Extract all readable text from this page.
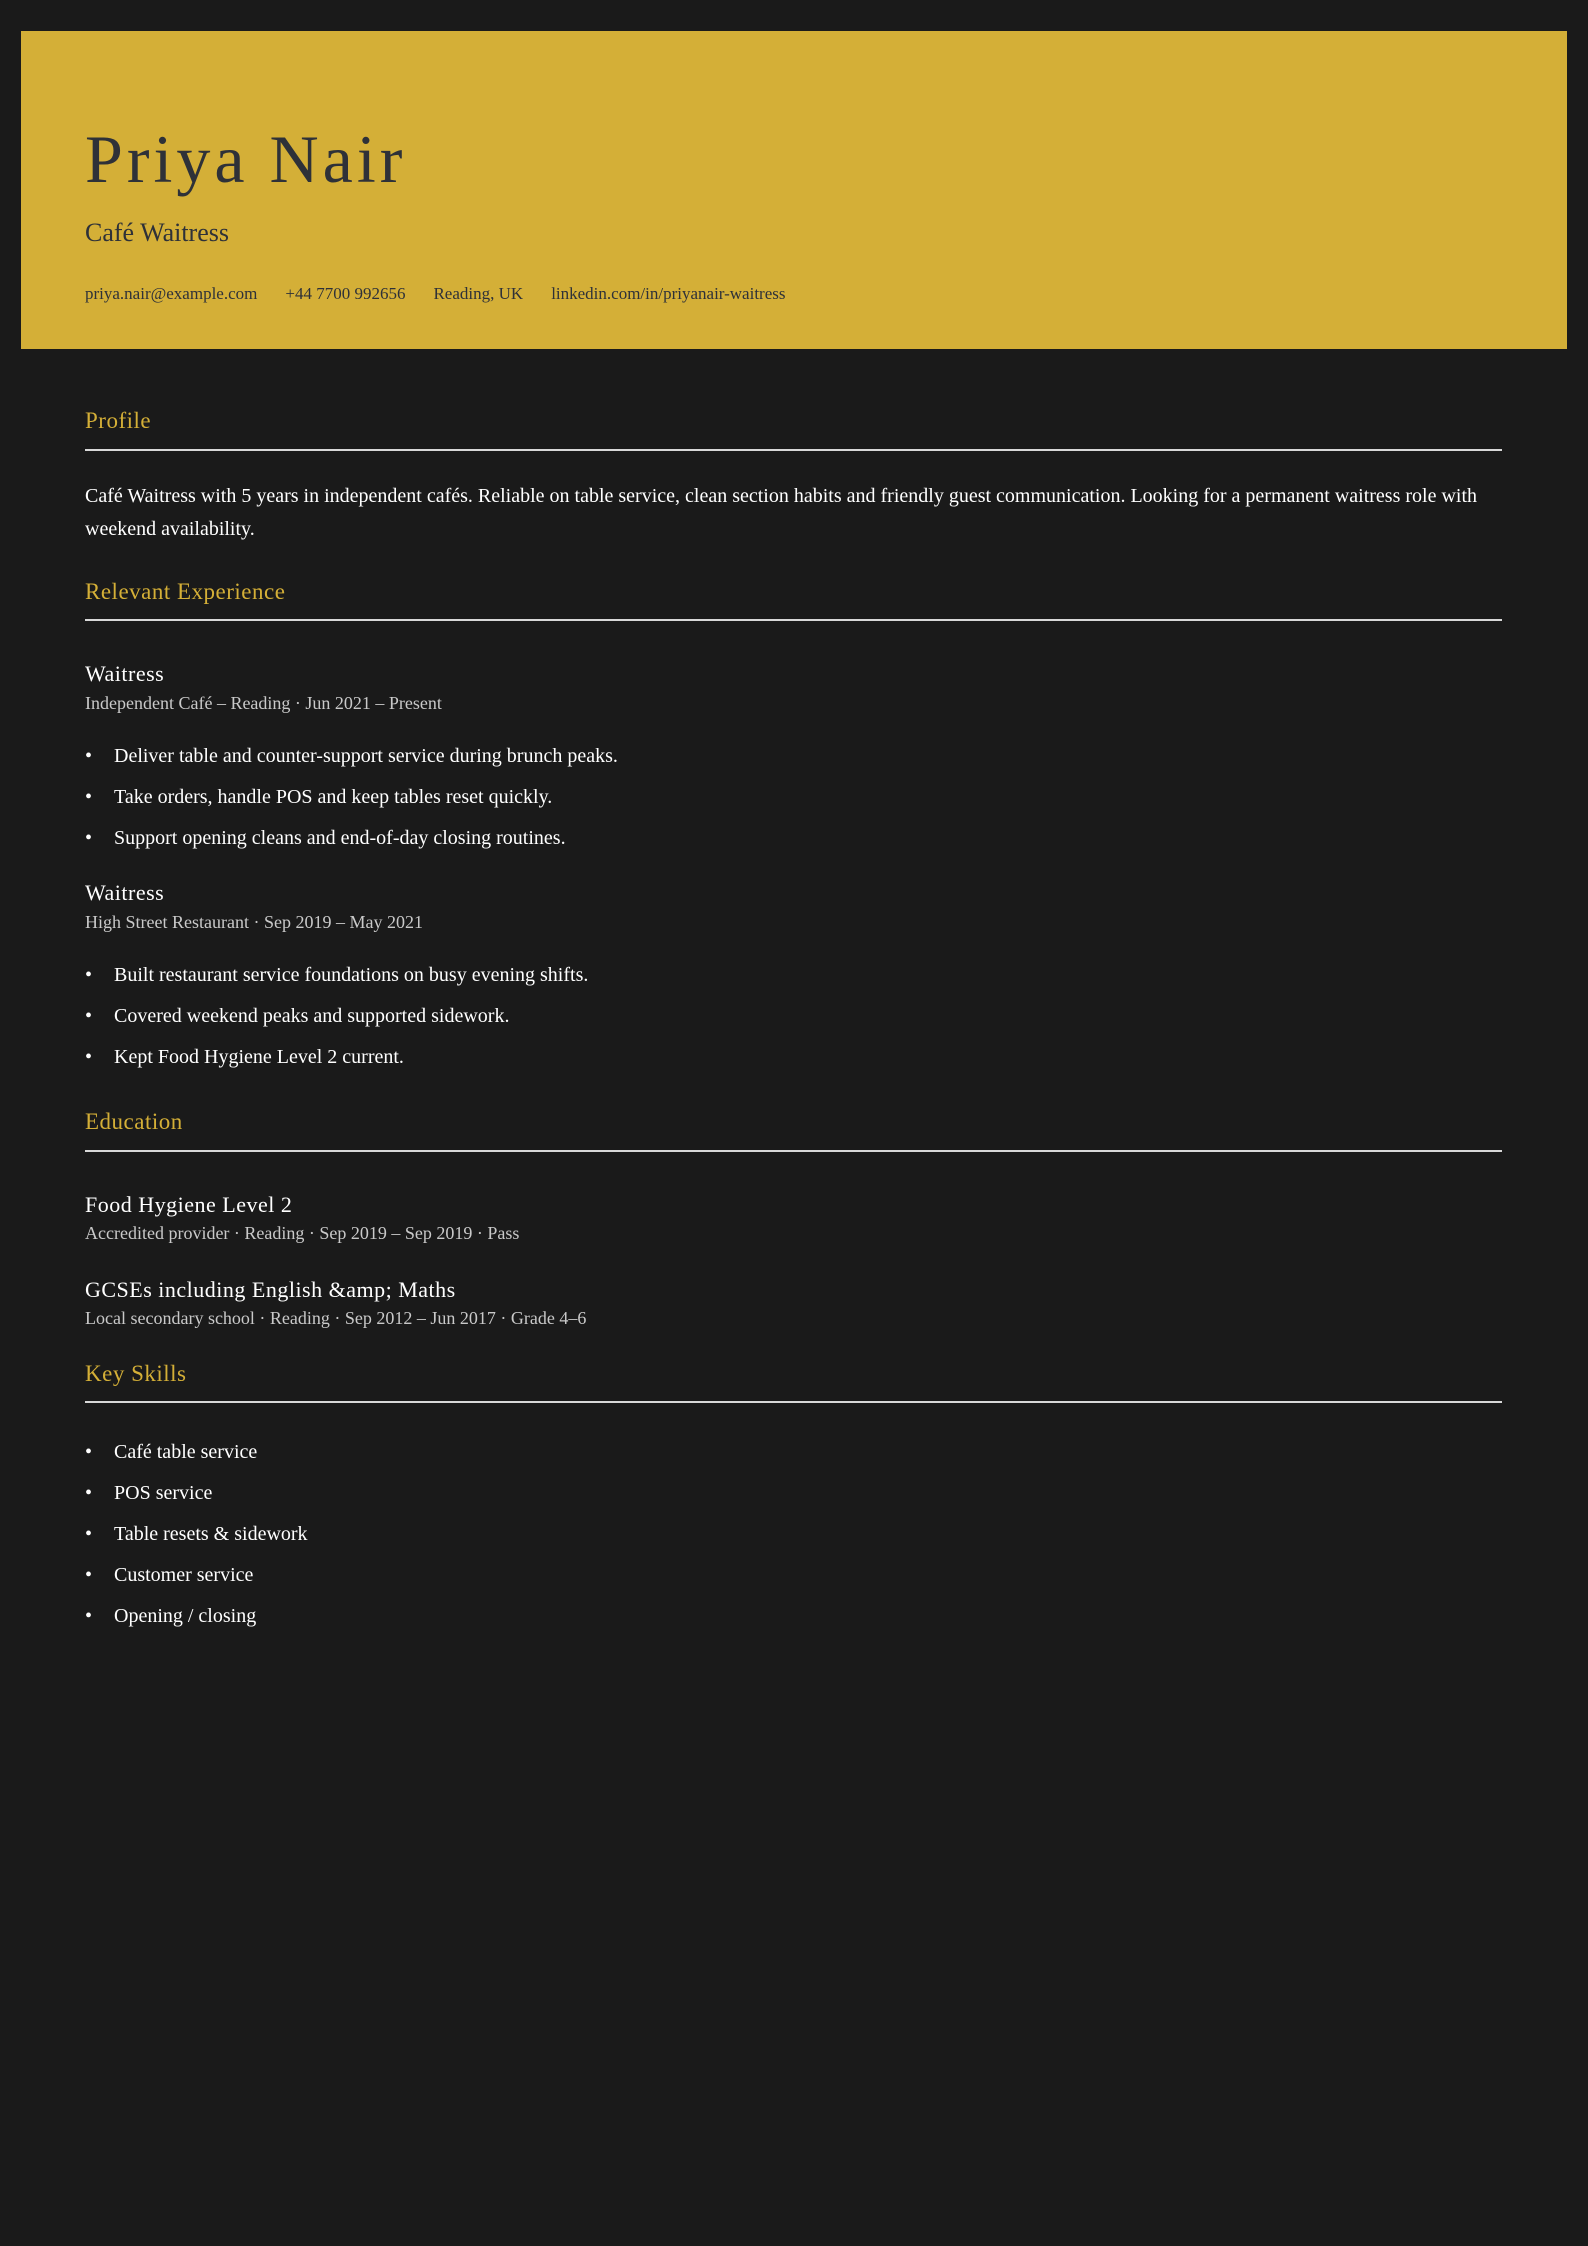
Priya Nair
Café Waitress
priya.nair@example.com +44 7700 992656 Reading, UK linkedin.com/in/priyanair-waitress
Profile

Café Waitress with 5 years in independent cafés. Reliable on table service, clean section habits and friendly guest communication. Looking for a permanent waitress role with weekend availability.

Relevant Experience
Waitress
Independent Café – Reading · Jun 2021 – Present
• Deliver table and counter-support service during brunch peaks.
• Take orders, handle POS and keep tables reset quickly.
• Support opening cleans and end-of-day closing routines.
Waitress
High Street Restaurant · Sep 2019 – May 2021
• Built restaurant service foundations on busy evening shifts.
• Covered weekend peaks and supported sidework.
• Kept Food Hygiene Level 2 current.
Education
Food Hygiene Level 2
Accredited provider · Reading · Sep 2019 – Sep 2019 · Pass
GCSEs including English &amp; Maths
Local secondary school · Reading · Sep 2012 – Jun 2017 · Grade 4–6
Key Skills
• Café table service
• POS service
• Table resets & sidework
• Customer service
• Opening / closing
